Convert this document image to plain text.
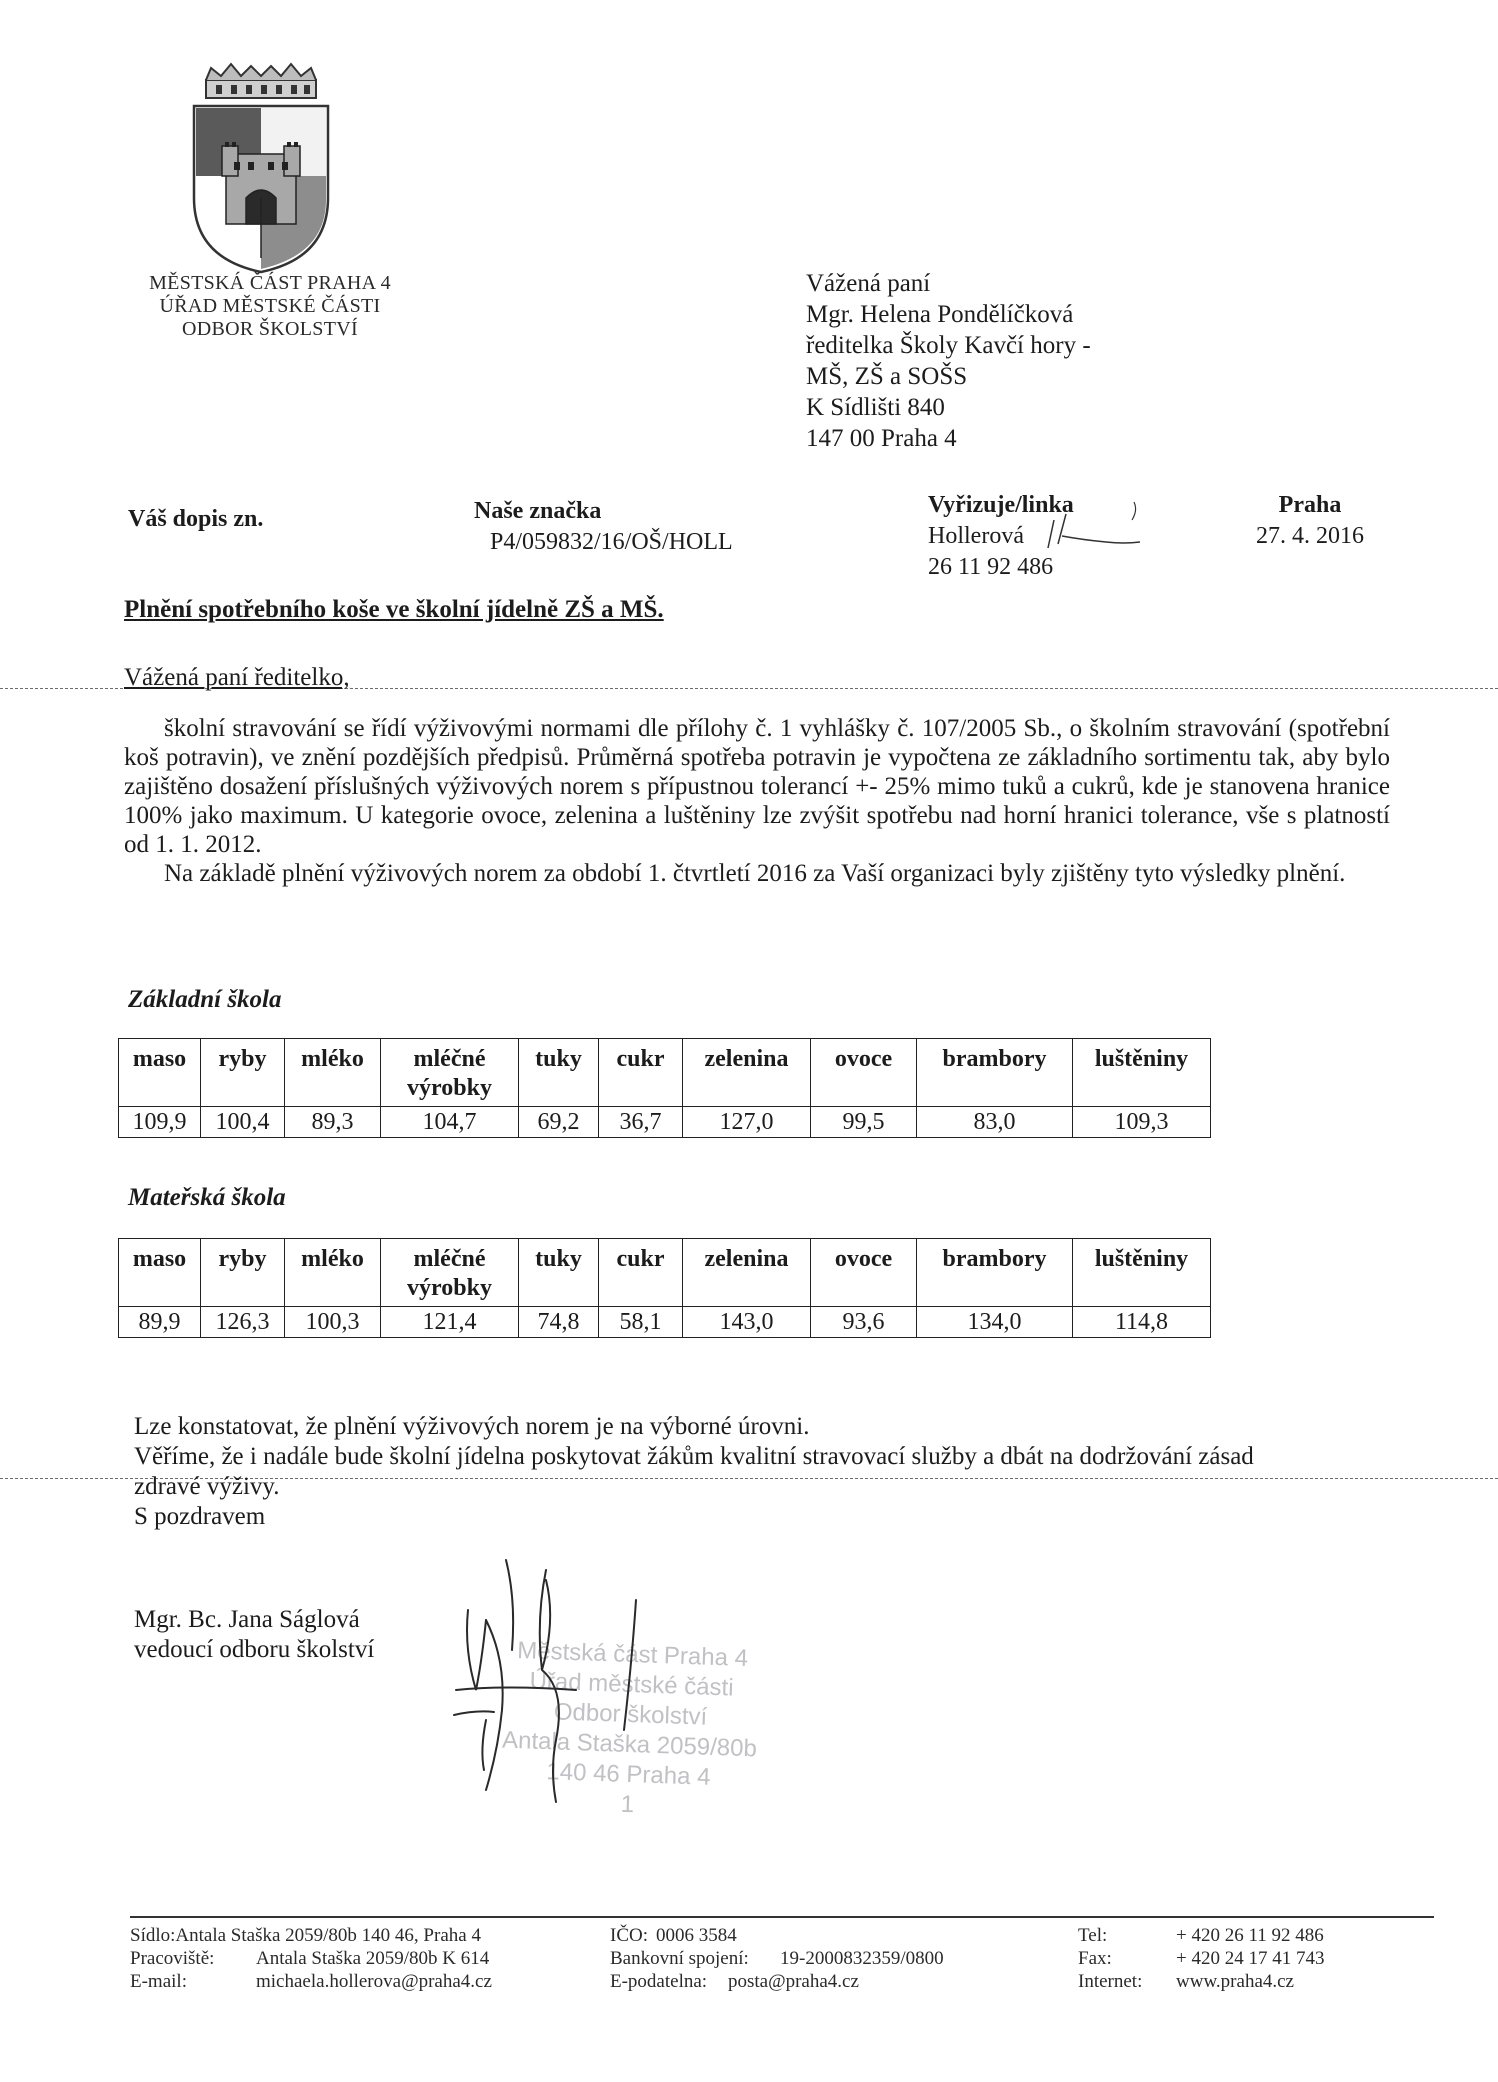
MĚSTSKÁ ČÁST PRAHA 4
ÚŘAD MĚSTSKÉ ČÁSTI
ODBOR ŠKOLSTVÍ
Vážená paní
Mgr. Helena Pondělíčková
ředitelka Školy Kavčí hory -
MŠ, ZŠ a SOŠS
K Sídlišti 840
147 00 Praha 4
Váš dopis zn.	Naše značka
P4/059832/16/OŠ/HOLL
Vyřizuje/linka
Hollerová
26 11 92 486
Praha
27. 4. 2016
Plnění spotřebního koše ve školní jídelně ZŠ a MŠ.
Vážená paní ředitelko,

školní stravování se řídí výživovými normami dle přílohy č. 1 vyhlášky č. 107/2005 Sb., o školním stravování (spotřební koš potravin), ve znění pozdějších předpisů. Průměrná spotřeba potravin je vypočtena ze základního sortimentu tak, aby bylo zajištěno dosažení příslušných výživových norem s přípustnou tolerancí +- 25% mimo tuků a cukrů, kde je stanovena hranice 100% jako maximum. U kategorie ovoce, zelenina a luštěniny lze zvýšit spotřebu nad horní hranici tolerance, vše s platností od 1. 1. 2012.

Na základě plnění výživových norem za období 1. čtvrtletí 2016 za Vaší organizaci byly zjištěny tyto výsledky plnění.

Základní škola
maso	ryby	mléko	mléčné výrobky	tuky	cukr	zelenina	ovoce	brambory	luštěniny
109,9	100,4	89,3	104,7	69,2	36,7	127,0	99,5	83,0	109,3
Mateřská škola
maso	ryby	mléko	mléčné výrobky	tuky	cukr	zelenina	ovoce	brambory	luštěniny
89,9	126,3	100,3	121,4	74,8	58,1	143,0	93,6	134,0	114,8
Lze konstatovat, že plnění výživových norem je na výborné úrovni.
Věříme, že i nadále bude školní jídelna poskytovat žákům kvalitní stravovací služby a dbát na dodržování zásad
zdravé výživy.
S pozdravem
Mgr. Bc. Jana Ságlová
vedoucí odboru školství	Městská část Praha 4
Úřad městské části
Odbor školství
Antala Staška 2059/80b
140 46 Praha 4
1
Sídlo: Antala Staška 2059/80b 140 46, Praha 4
Pracoviště:	Antala Staška 2059/80b K 614
E-mail:	michaela.hollerova@praha4.cz
IČO: 0006 3584
Bankovní spojení:	19-2000832359/0800
E-podatelna:	posta@praha4.cz
Tel:	+ 420 26 11 92 486
Fax:	+ 420 24 17 41 743
Internet:	www.praha4.cz
